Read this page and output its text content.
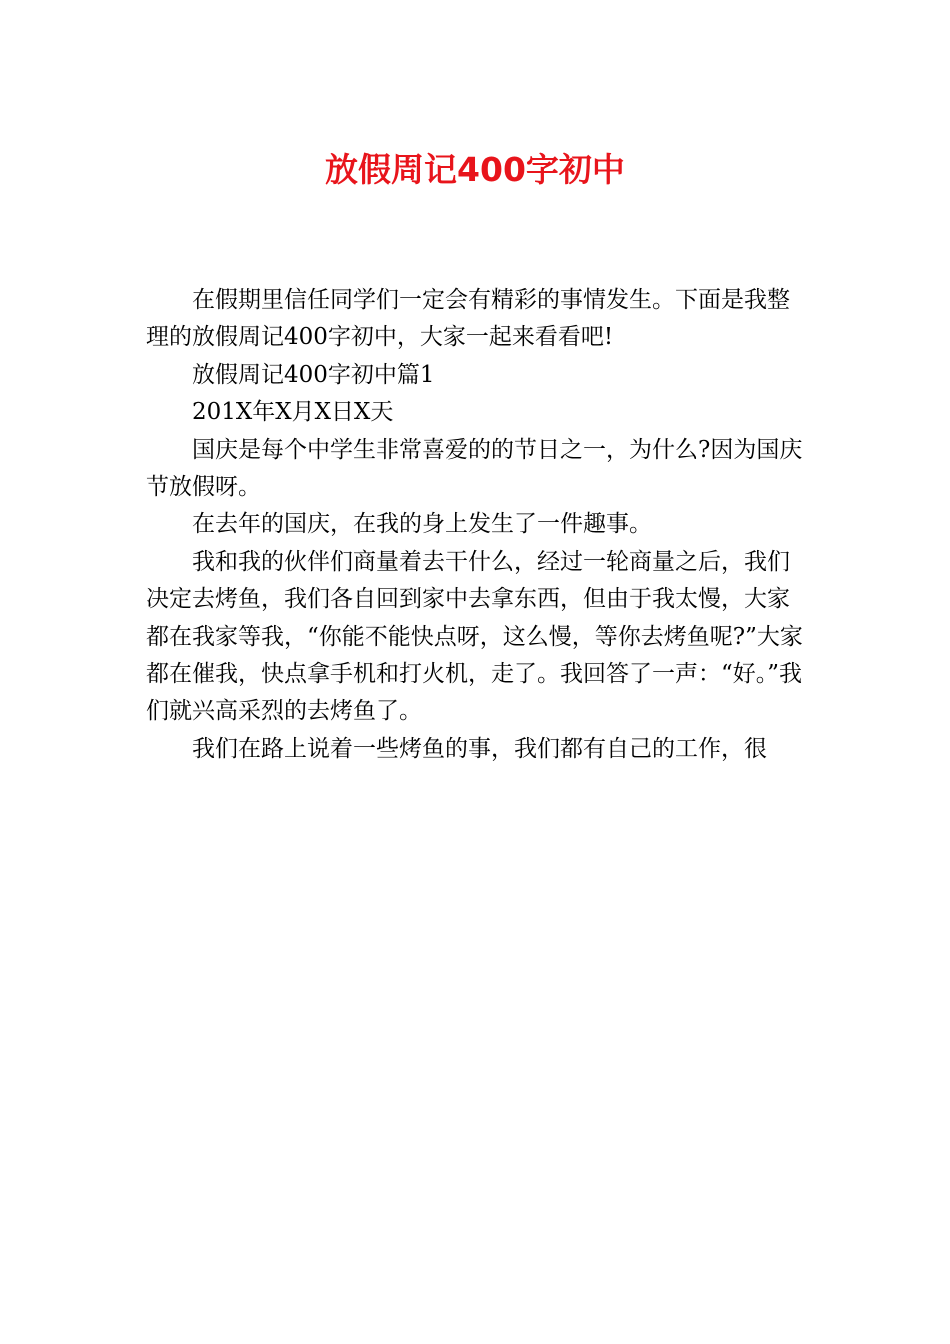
放假周记400字初中

在假期里信任同学们一定会有精彩的事情发生。下面是我整理的放假周记400字初中，大家一起来看看吧!

放假周记400字初中篇1

201X年X月X日X天

国庆是每个中学生非常喜爱的的节日之一，为什么?因为国庆节放假呀。

在去年的国庆，在我的身上发生了一件趣事。

我和我的伙伴们商量着去干什么，经过一轮商量之后，我们决定去烤鱼，我们各自回到家中去拿东西，但由于我太慢，大家都在我家等我，“你能不能快点呀，这么慢，等你去烤鱼呢?”大家都在催我，快点拿手机和打火机，走了。我回答了一声：“好。”我们就兴高采烈的去烤鱼了。

我们在路上说着一些烤鱼的事，我们都有自己的工作，很
